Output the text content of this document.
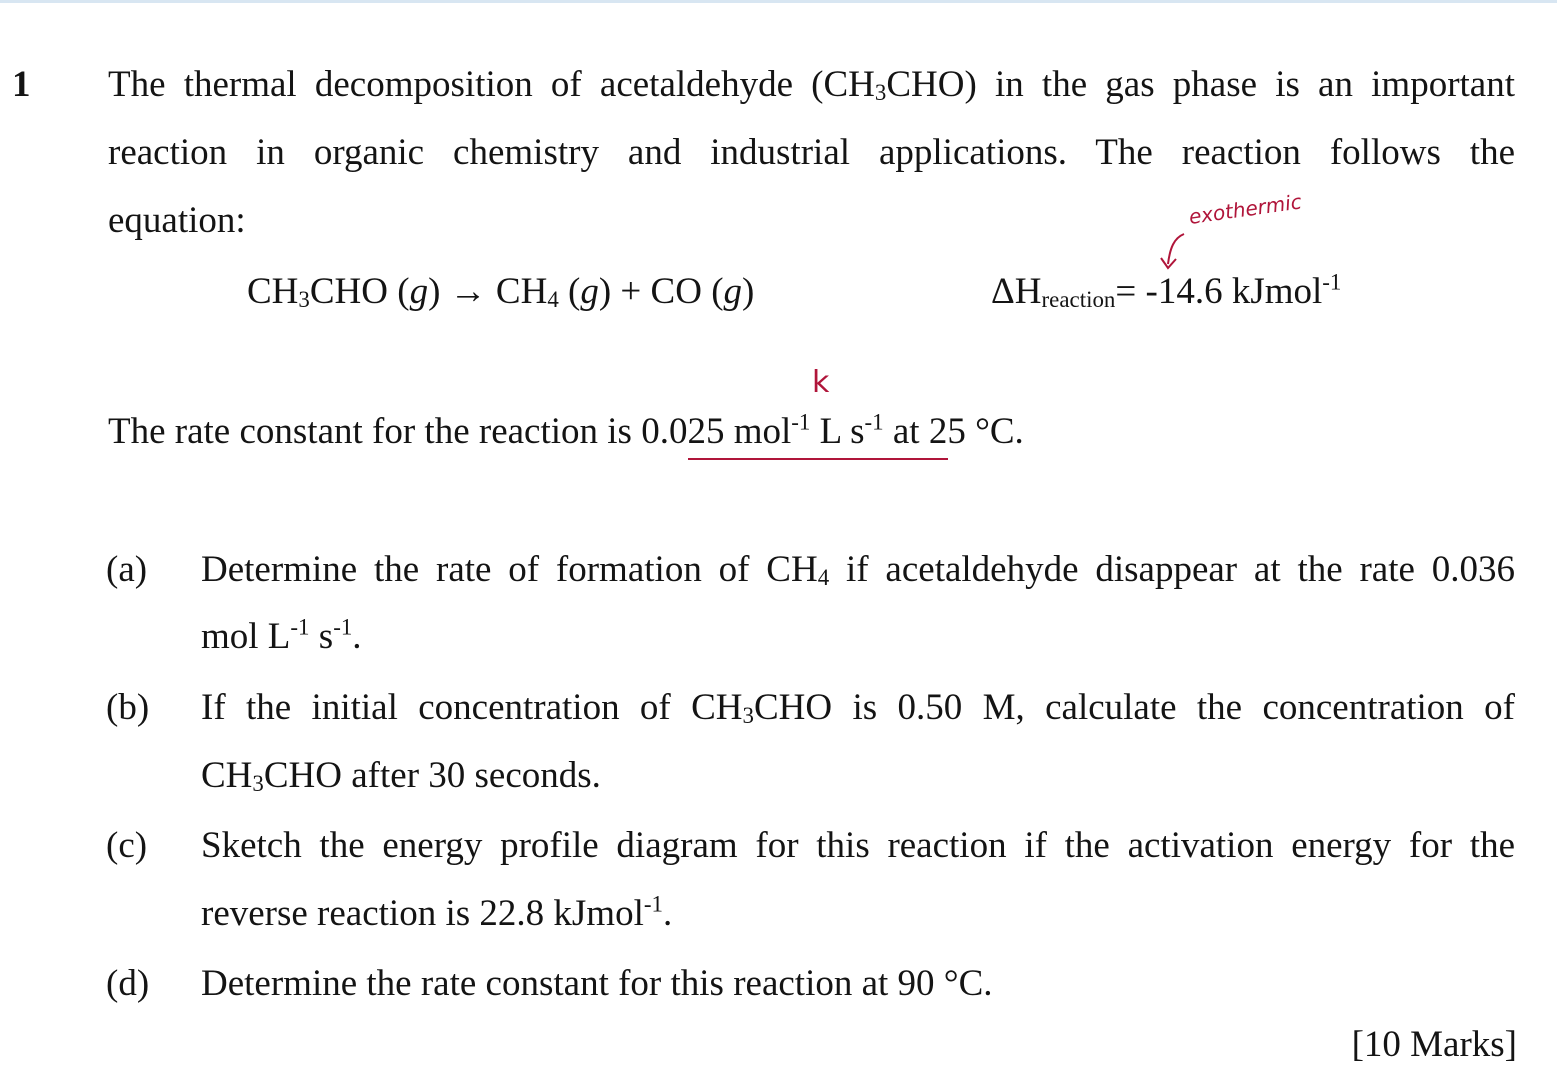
1 The thermal decomposition of acetaldehyde $(CH_3CHO)$ in the gas phase is an important
reaction in organic chemistry and industrial applications. The reaction follows the
equation:
$CH_3CHO$ $(g) \to CH_4$ (g) + CO (g)	$\Delta H_{reaction}= -14.6$ kJmol$^{-1}$
exothermic
k
The rate constant for the reaction is 0.025 mol$^{-1}$ L $s^{-1}$ at 25 °C.
(a) Determine the rate of formation of $CH_4$ if acetaldehyde disappear at the rate 0.036
mol $L^{-1}$ $s^{-1}$.
(b) If the initial concentration of $CH_3CHO$ is 0.50 M, calculate the concentration of
$CH_3CHO$ after 30 seconds.
(c) Sketch the energy profile diagram for this reaction if the activation energy for the
reverse reaction is 22.8 kJmol$^{-1}$.
(d) Determine the rate constant for this reaction at 90 °C.
[10 Marks]
